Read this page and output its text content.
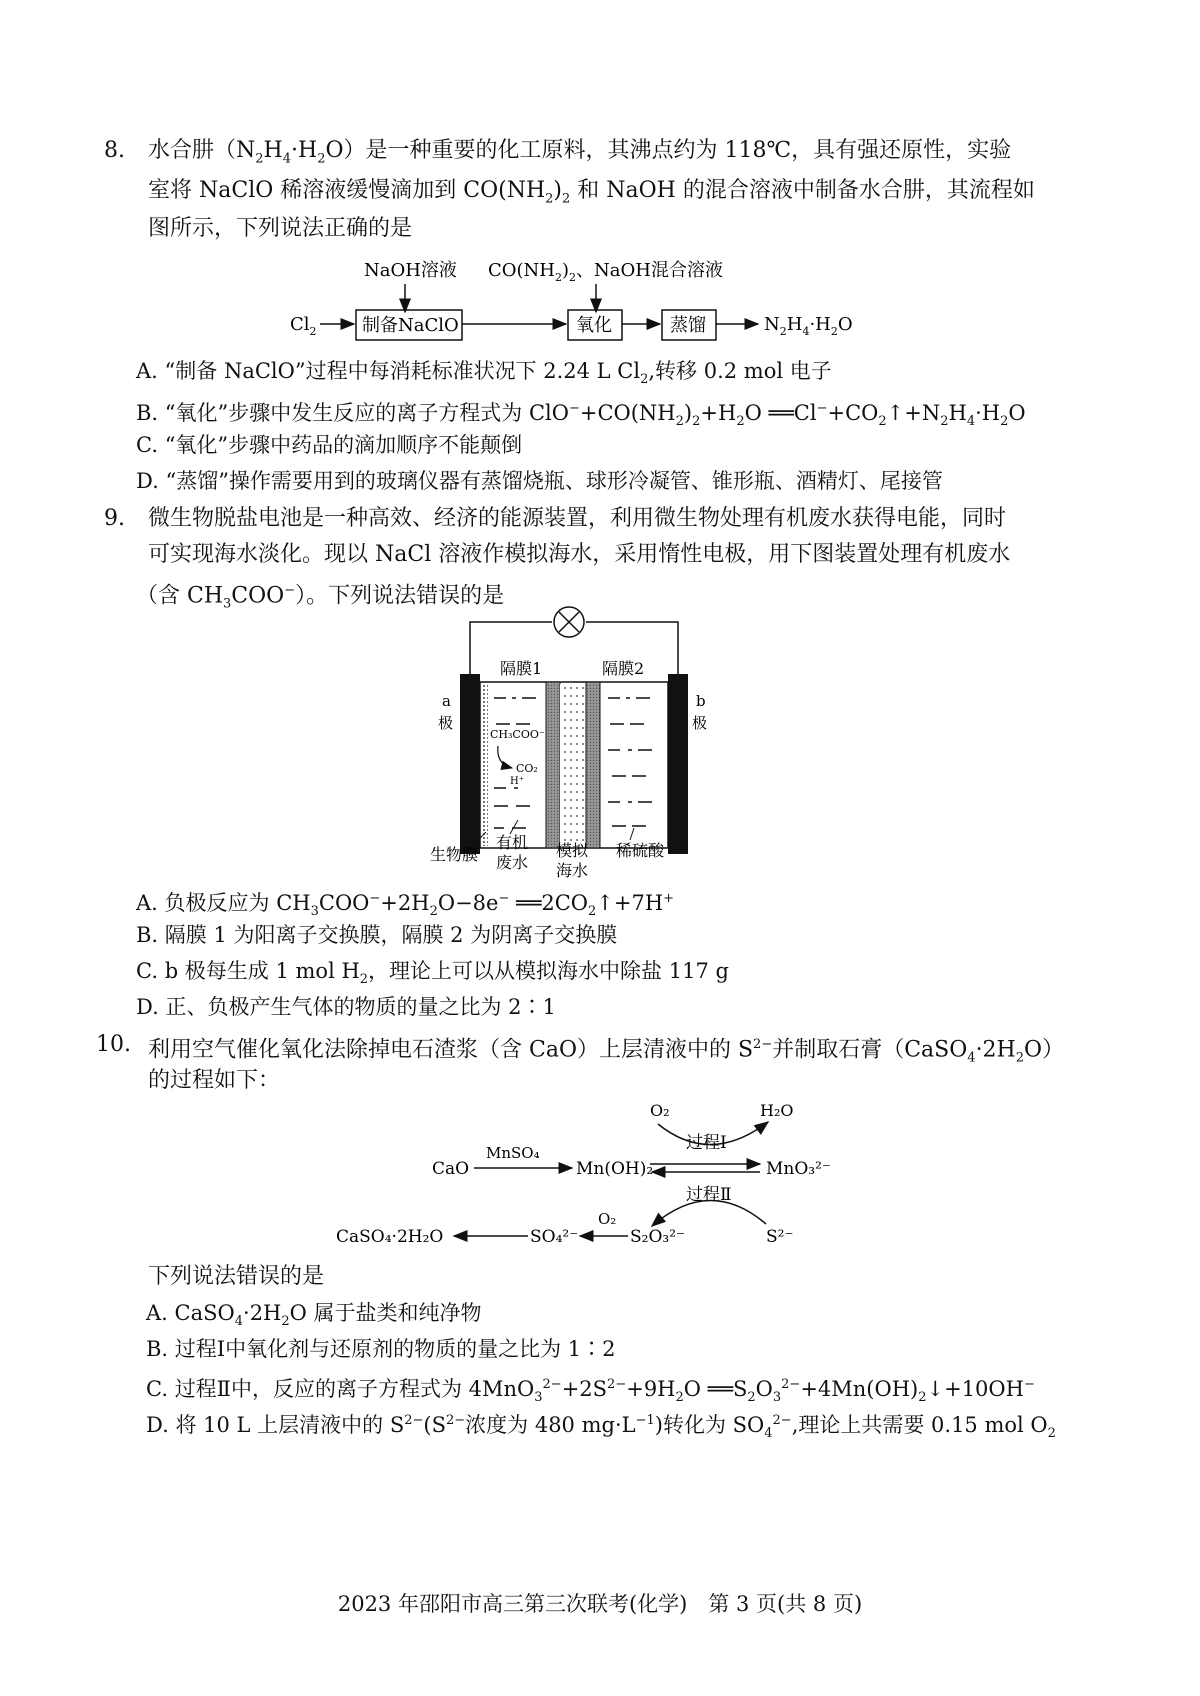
8. 水合肼$(N_2H_4\cdot H_2O)$是一种重要的化工原料，其沸点约为 118℃，具有强还原性，实验
室将 NaClO 稀溶液缓慢滴加到 $CO(NH_2)_2$ 和 NaOH 的混合溶液中制备水合肼，其流程如
图所示，下列说法正确的是
NaOH溶液 $CO(NH_2)_2$、NaOH混合溶液
$Cl_2$	制备NaClO	氧化	蒸馏	$N_2H_4\cdot H_2O$
A. “制备 NaClO”过程中每消耗标准状况下 2.24 L $Cl_2$,转移 0.2 mol 电子
B. “氧化”步骤中发生反应的离子方程式为 $ClO^-+CO(NH_2)_2+H_2O$ $══Cl^-+CO_2↑+N_2H_4\cdot H_2O$
C. “氧化”步骤中药品的滴加顺序不能颠倒
D. “蒸馏”操作需要用到的玻璃仪器有蒸馏烧瓶、球形冷凝管、锥形瓶、酒精灯、尾接管
9. 微生物脱盐电池是一种高效、经济的能源装置，利用微生物处理有机废水获得电能，同时
可实现海水淡化。现以 NaCl 溶液作模拟海水，采用惰性电极，用下图装置处理有机废水
（含 $CH_3COO^-$）。下列说法错误的是
隔膜1	隔膜2
a
极
b
极
CH₃COO⁻
CO₂
H⁺
生物膜
有机
废水
模拟
海水
稀硫酸
A. 负极反应为 $CH_3COO^-+2H_2O-8e^-$ $══2CO_2↑+7H^+$
B. 隔膜 1 为阳离子交换膜，隔膜 2 为阴离子交换膜
C. b 极每生成 1 mol $H_2$，理论上可以从模拟海水中除盐 117 g
D. 正、负极产生气体的物质的量之比为 2∶1
10. 利用空气催化氧化法除掉电石渣浆（含 CaO）上层清液中的 $S^{2-}$并制取石膏$(CaSO_4\cdot 2H_2O)$
的过程如下：
O₂	H₂O
过程Ⅰ
CaO
MnSO₄
Mn(OH)₂	MnO₃²⁻
过程Ⅱ
CaSO₄·2H₂O	SO₄²⁻
O₂
S₂O₃²⁻	S²⁻
下列说法错误的是
A. $CaSO_4\cdot 2H_2O$ 属于盐类和纯净物
B. 过程Ⅰ中氧化剂与还原剂的物质的量之比为 1∶2
C. 过程Ⅱ中，反应的离子方程式为 $4MnO_3^{2-}+2S^{2-}+9H_2O$ $══S_2O_3^{2-}+4Mn(OH)_2↓+10OH^-$
D. 将 10 L 上层清液中的 $S^{2-}(S^{2-}$浓度为 480 $mg\cdot L^{-1}$)转化为 $SO_4^{2-}$,理论上共需要 0.15 mol $O_2$
2023 年邵阳市高三第三次联考(化学)　第 3 页(共 8 页)
